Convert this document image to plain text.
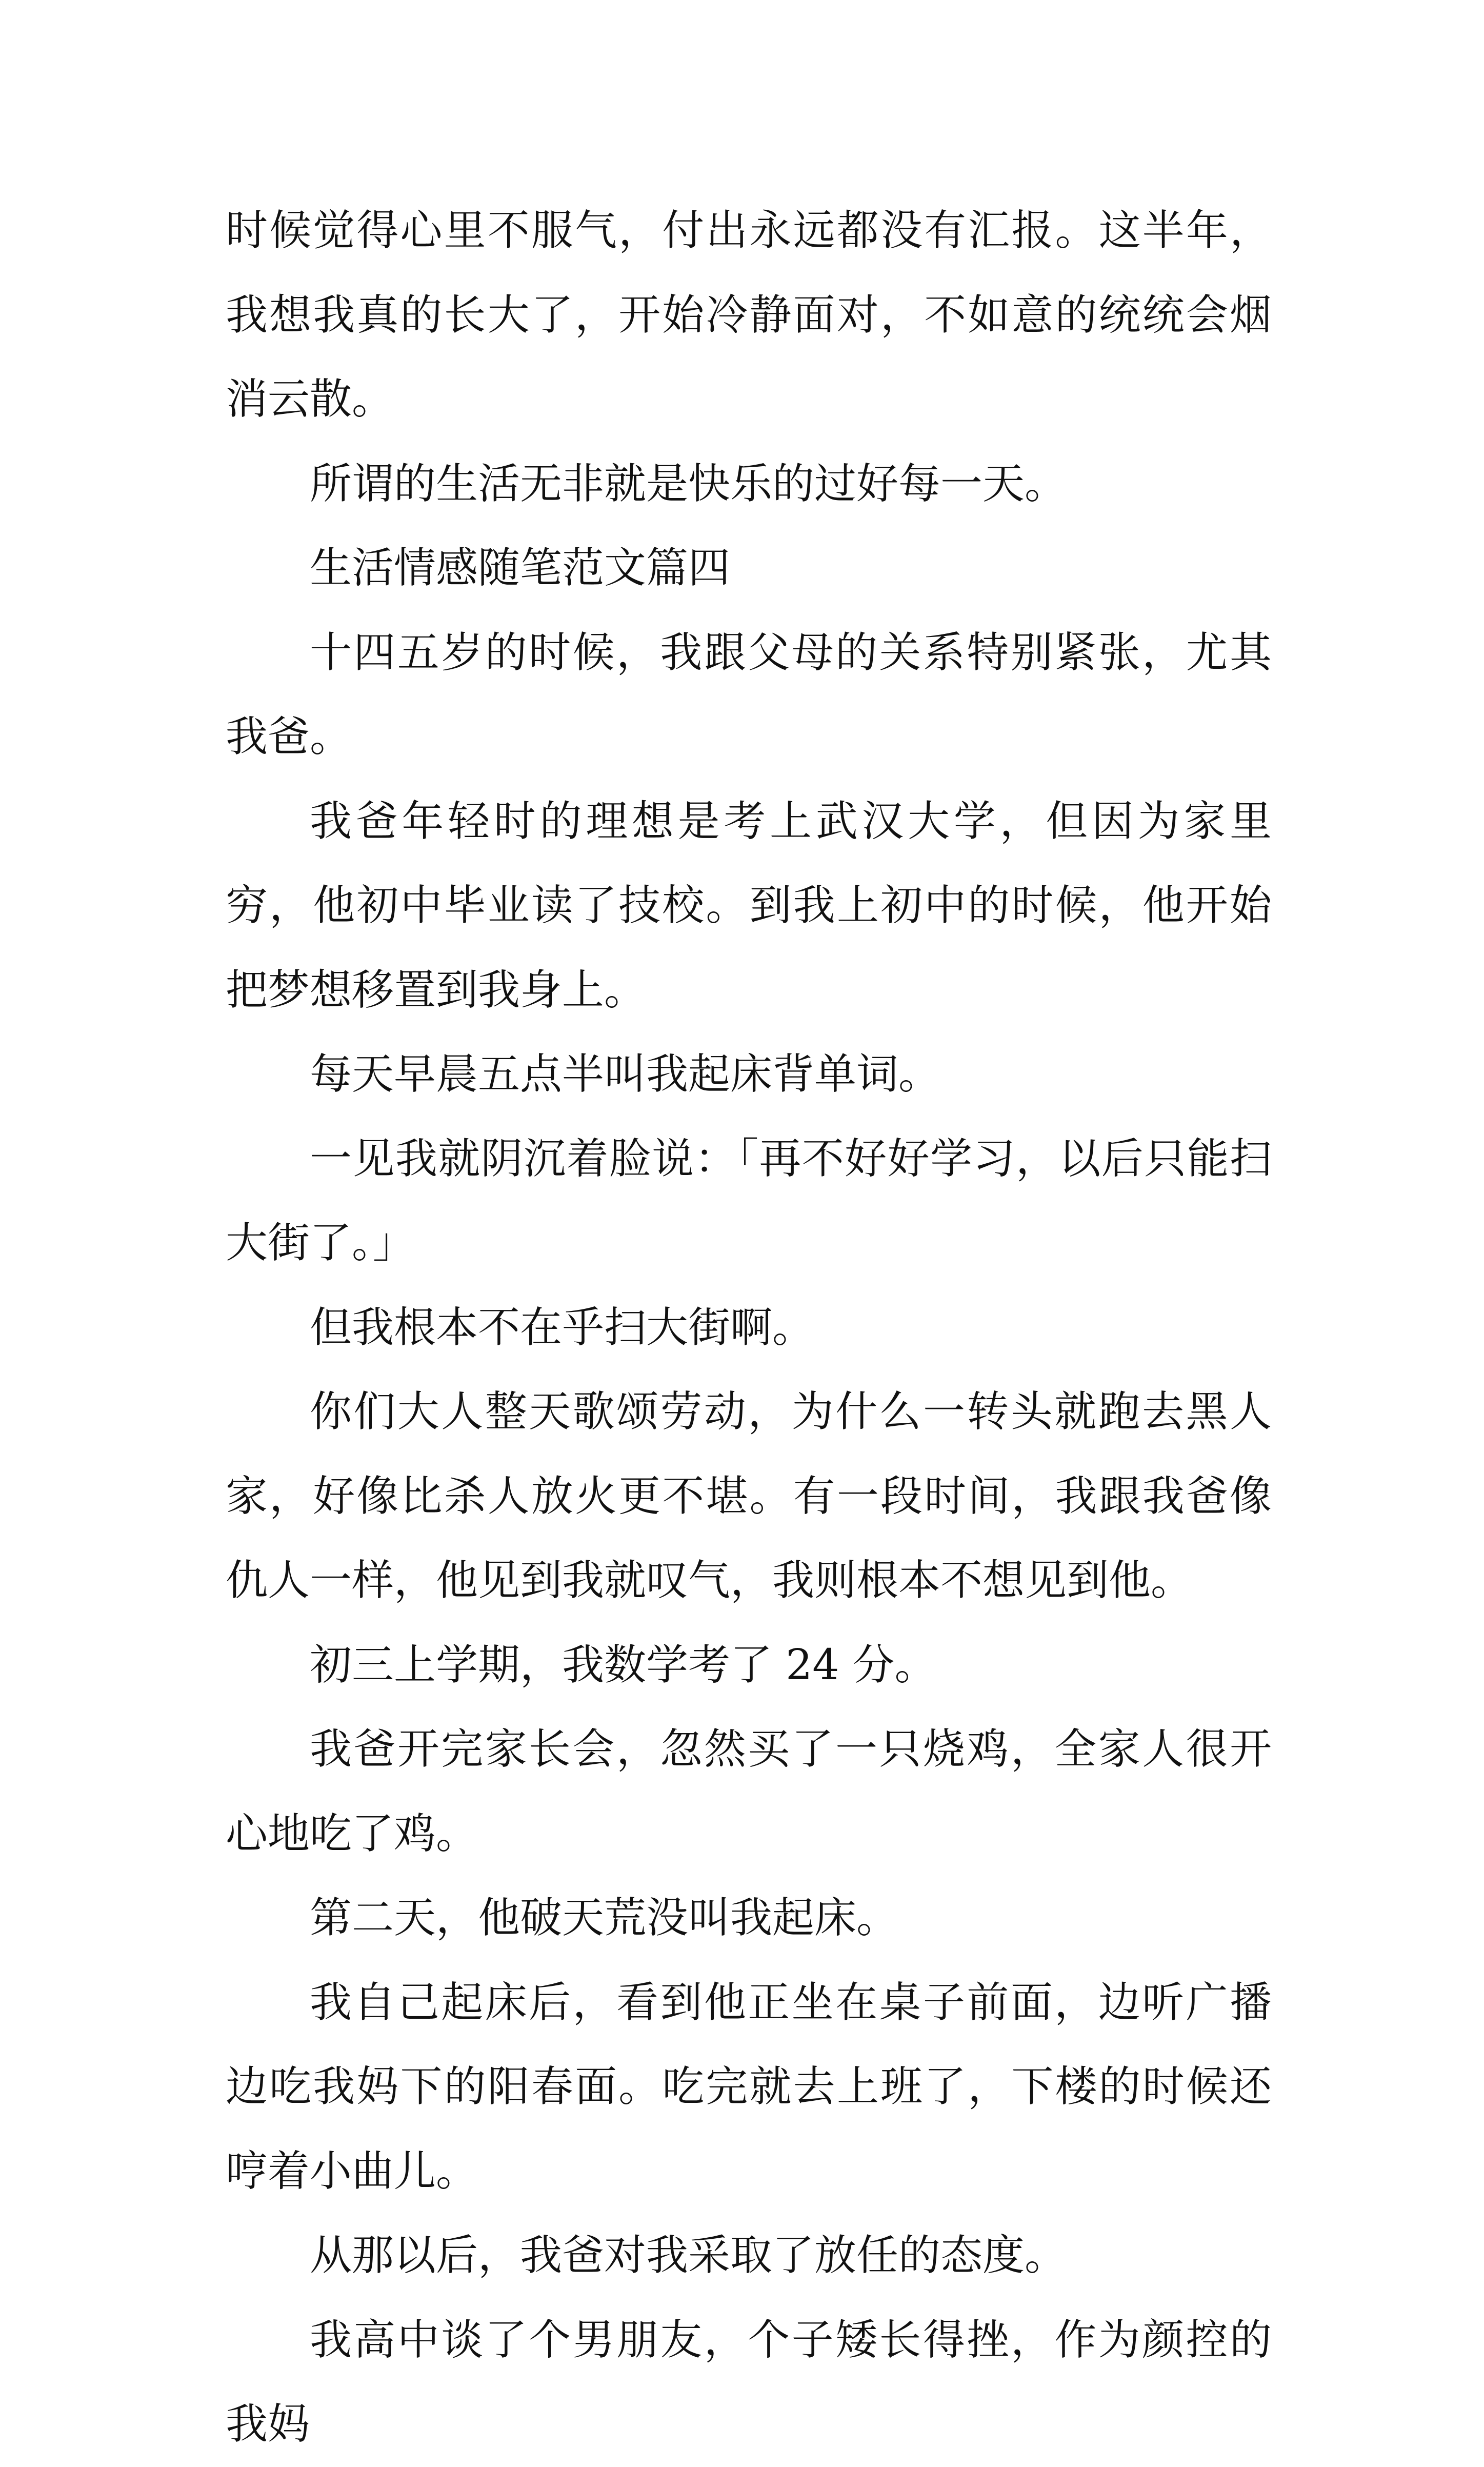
时候觉得心里不服气，付出永远都没有汇报。这半年，我想我真的长大了，开始冷静面对，不如意的统统会烟消云散。

所谓的生活无非就是快乐的过好每一天。

生活情感随笔范文篇四

十四五岁的时候，我跟父母的关系特别紧张，尤其我爸。

我爸年轻时的理想是考上武汉大学，但因为家里穷，他初中毕业读了技校。到我上初中的时候，他开始把梦想移置到我身上。

每天早晨五点半叫我起床背单词。

一见我就阴沉着脸说：「再不好好学习，以后只能扫大街了。」

但我根本不在乎扫大街啊。

你们大人整天歌颂劳动，为什么一转头就跑去黑人家，好像比杀人放火更不堪。有一段时间，我跟我爸像仇人一样，他见到我就叹气，我则根本不想见到他。

初三上学期，我数学考了 24 分。

我爸开完家长会，忽然买了一只烧鸡，全家人很开心地吃了鸡。

第二天，他破天荒没叫我起床。

我自己起床后，看到他正坐在桌子前面，边听广播边吃我妈下的阳春面。吃完就去上班了，下楼的时候还哼着小曲儿。

从那以后，我爸对我采取了放任的态度。

我高中谈了个男朋友，个子矮长得挫，作为颜控的我妈
